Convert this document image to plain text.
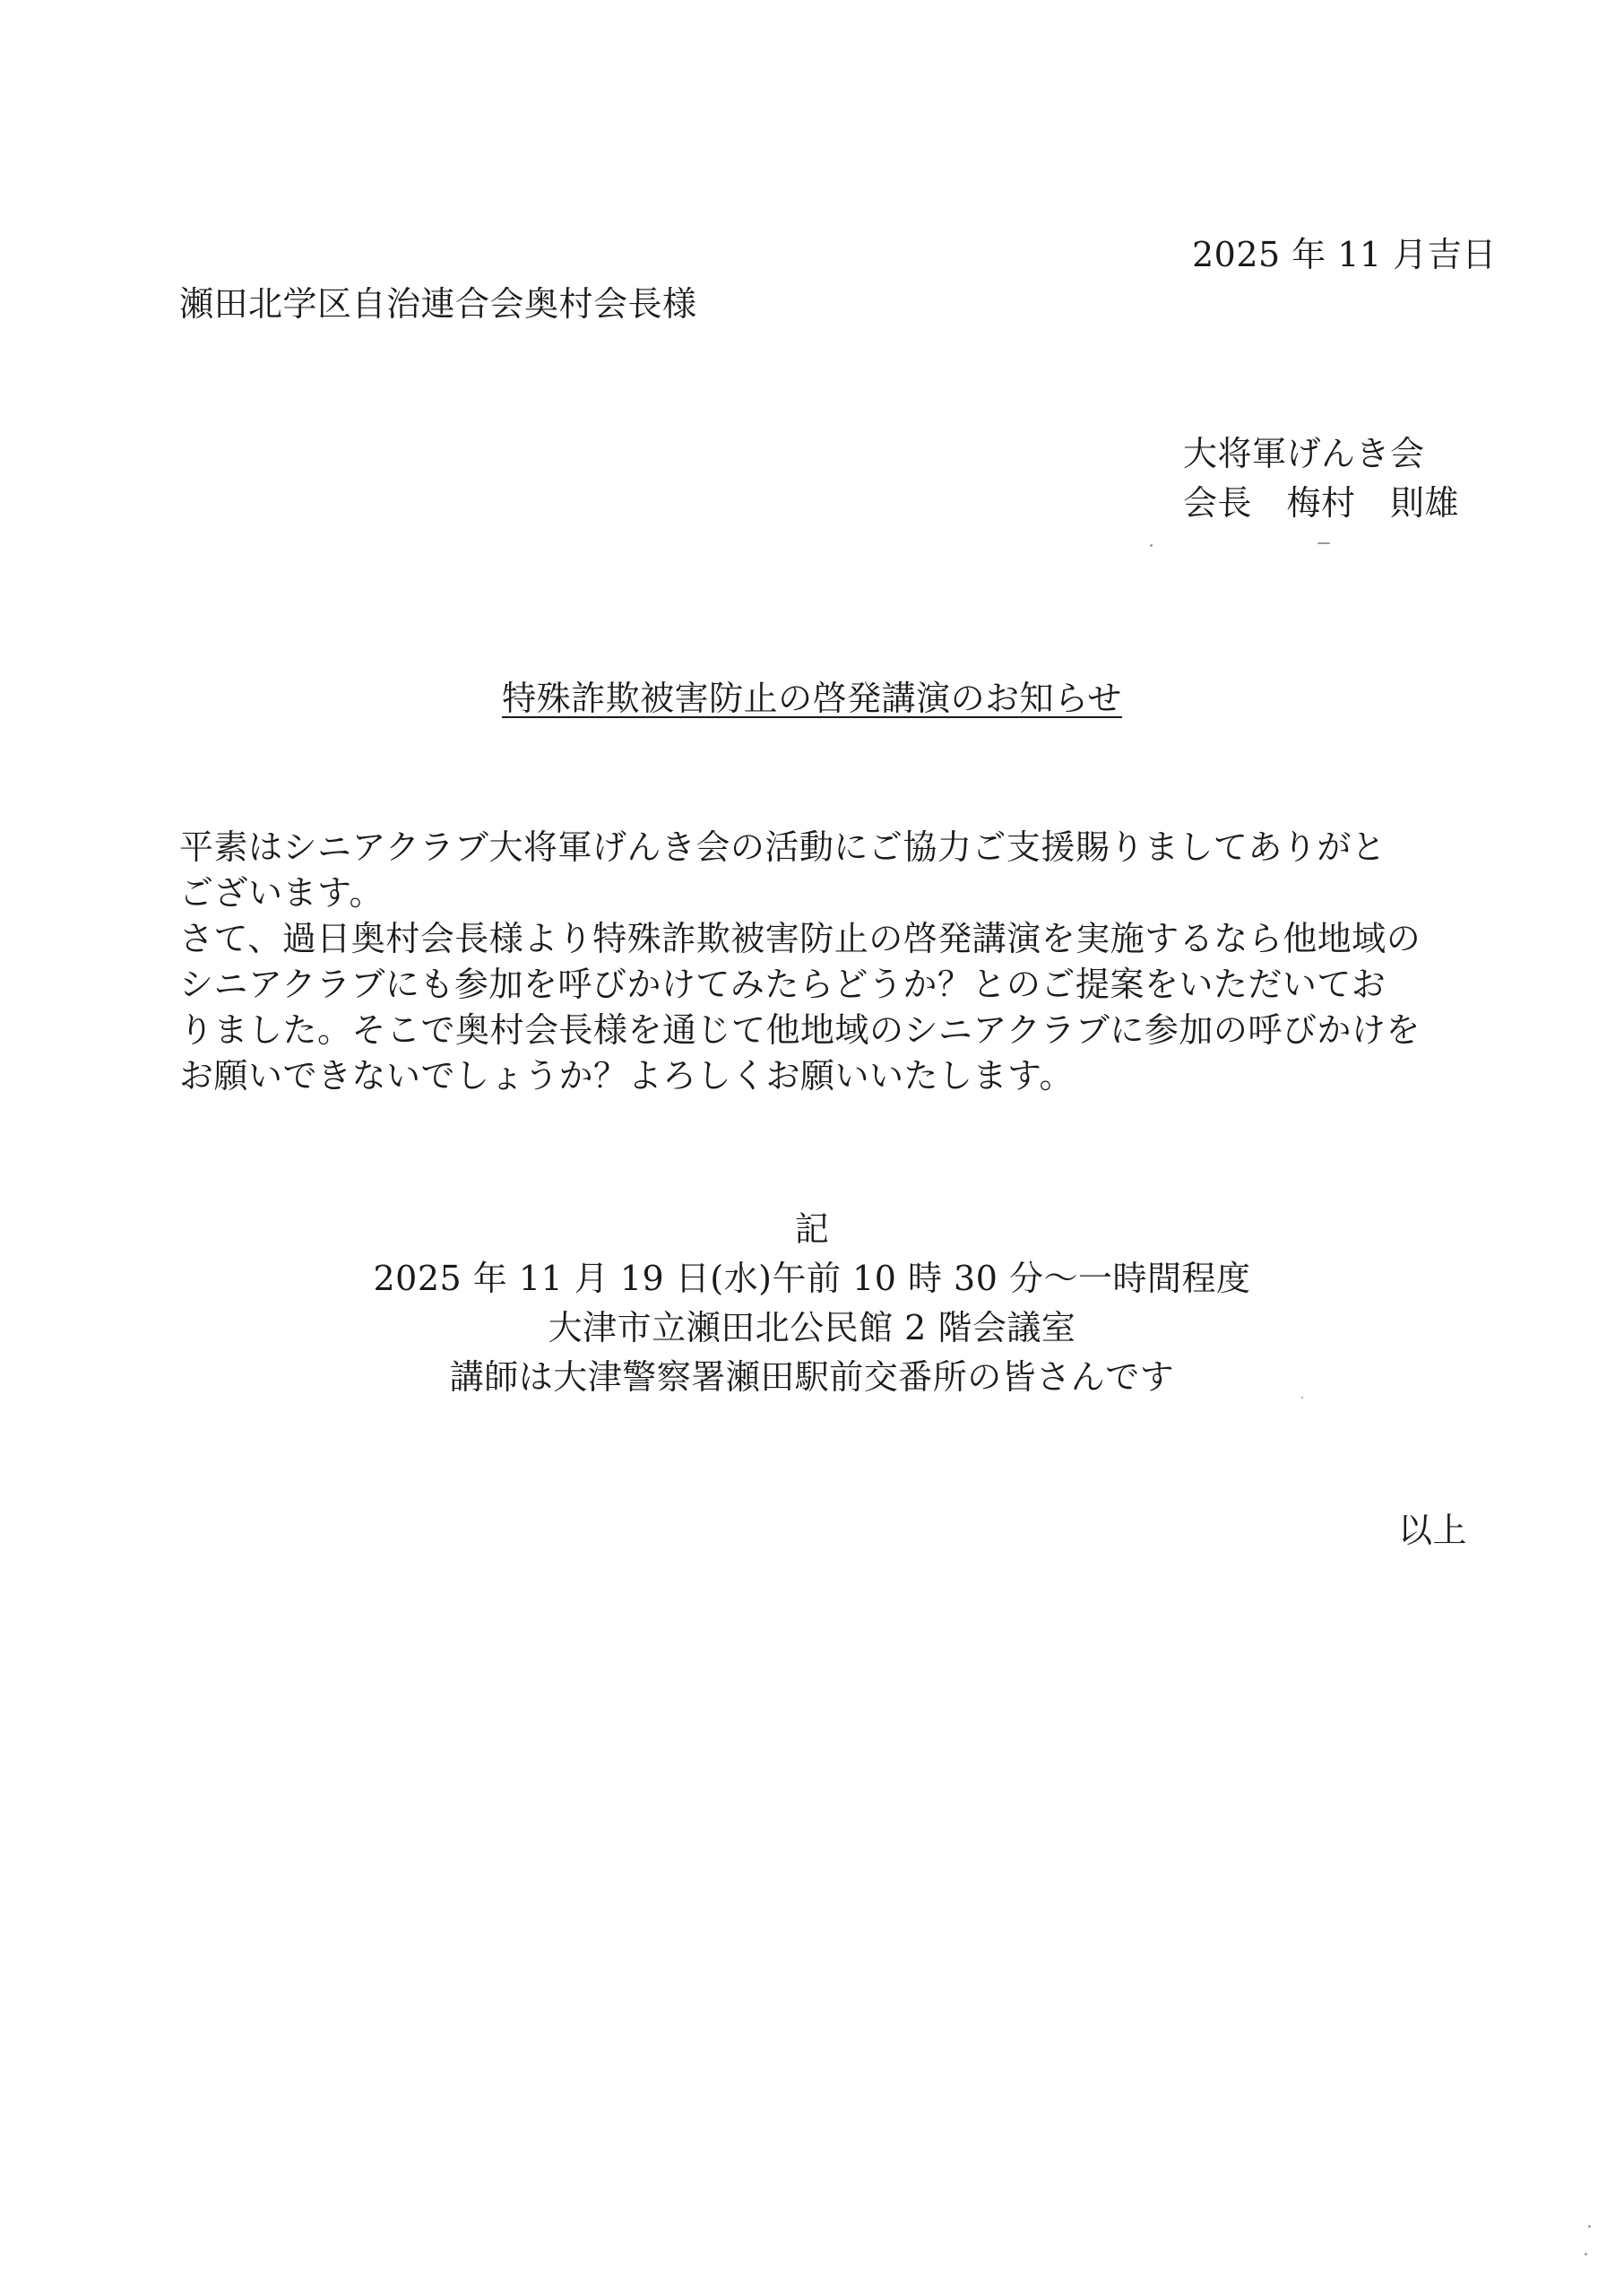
2025 年 11 月吉日
瀬田北学区自治連合会奥村会長様
大将軍げんき会
会長　梅村　則雄
特殊詐欺被害防止の啓発講演のお知らせ

平素はシニアクラブ大将軍げんき会の活動にご協力ご支援賜りましてありがと

ございます。

さて、過日奥村会長様より特殊詐欺被害防止の啓発講演を実施するなら他地域の

シニアクラブにも参加を呼びかけてみたらどうか？とのご提案をいただいてお

りました。そこで奥村会長様を通じて他地域のシニアクラブに参加の呼びかけを

お願いできないでしょうか？よろしくお願いいたします。

記
2025 年 11 月 19 日(水)午前 10 時 30 分～一時間程度
大津市立瀬田北公民館 2 階会議室
講師は大津警察署瀬田駅前交番所の皆さんです
以上
